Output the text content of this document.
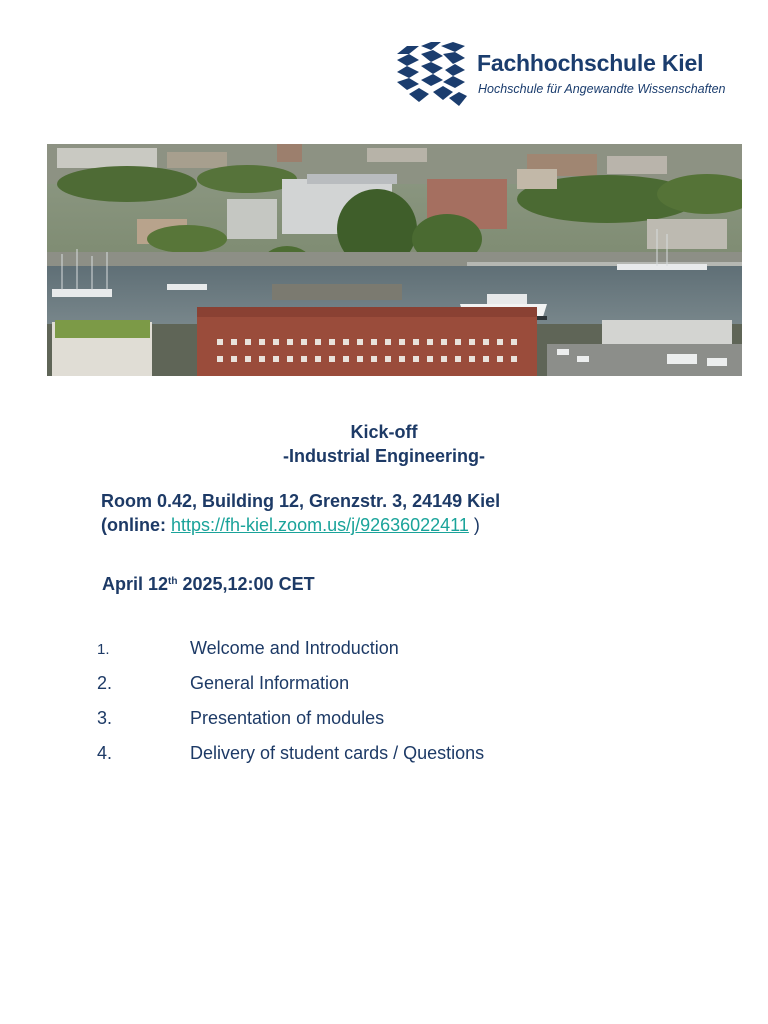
Fachhochschule Kiel
Hochschule für Angewandte Wissenschaften
Kick-off
-Industrial Engineering-
Room 0.42, Building 12, Grenzstr. 3, 24149 Kiel
(online: https://fh-kiel.zoom.us/j/92636022411 )
April 12th 2025,12:00 CET
1.	Welcome and Introduction
2.	General Information
3.	Presentation of modules
4.	Delivery of student cards / Questions
